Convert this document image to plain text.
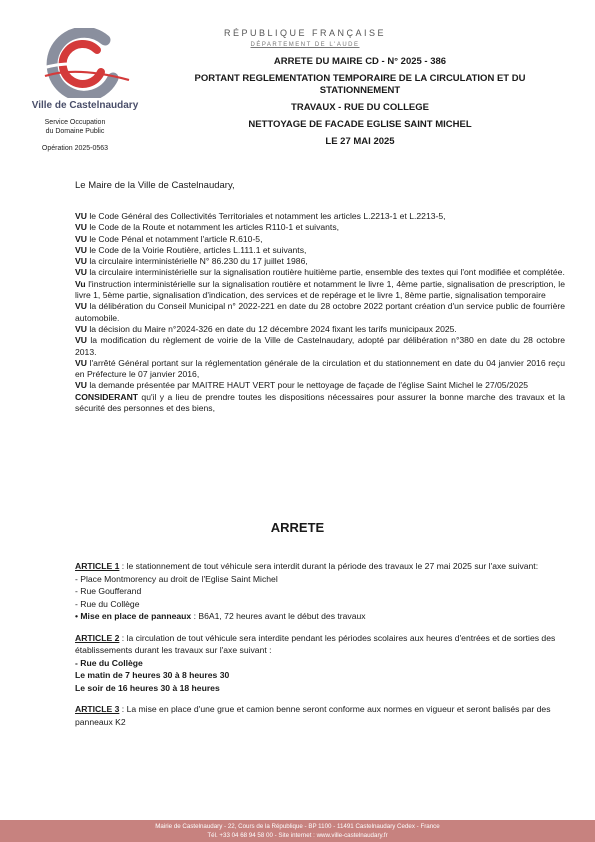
Ville de Castelnaudary
Service Occupation
du Domaine Public
Opération 2025-0563
RÉPUBLIQUE FRANÇAISE
DÉPARTEMENT DE L'AUDE
ARRETE DU MAIRE CD - N° 2025 - 386
PORTANT REGLEMENTATION TEMPORAIRE DE LA CIRCULATION ET DU STATIONNEMENT
TRAVAUX - RUE DU COLLEGE
NETTOYAGE DE FACADE EGLISE SAINT MICHEL
LE 27 MAI 2025
Le Maire de la Ville de Castelnaudary,

VU le Code Général des Collectivités Territoriales et notamment les articles L.2213-1 et L.2213-5,

VU le Code de la Route et notamment les articles R110-1 et suivants,

VU le Code Pénal et notamment l'article R.610-5,

VU le Code de la Voirie Routière, articles L.111.1 et suivants,

VU la circulaire interministérielle N° 86.230 du 17 juillet 1986,

VU la circulaire interministérielle sur la signalisation routière huitième partie, ensemble des textes qui l'ont modifiée et complétée.

Vu l'instruction interministérielle sur la signalisation routière et notamment le livre 1, 4ème partie, signalisation de prescription, le livre 1, 5ème partie, signalisation d'indication, des services et de repérage et le livre 1, 8ème partie, signalisation temporaire

VU la délibération du Conseil Municipal n° 2022-221 en date du 28 octobre 2022 portant création d'un service public de fourrière automobile.

VU la décision du Maire n°2024-326 en date du 12 décembre 2024 fixant les tarifs municipaux 2025.

VU la modification du règlement de voirie de la Ville de Castelnaudary, adopté par délibération n°380 en date du 28 octobre 2013.

VU l'arrêté Général portant sur la réglementation générale de la circulation et du stationnement en date du 04 janvier 2016 reçu en Préfecture le 07 janvier 2016,

VU la demande présentée par MAITRE HAUT VERT pour le nettoyage de façade de l'église Saint Michel le 27/05/2025

CONSIDERANT qu'il y a lieu de prendre toutes les dispositions nécessaires pour assurer la bonne marche des travaux et la sécurité des personnes et des biens,

ARRETE

ARTICLE 1 : le stationnement de tout véhicule sera interdit durant la période des travaux le 27 mai 2025 sur l'axe suivant:

- Place Montmorency au droit de l'Eglise Saint Michel

- Rue Goufferand

- Rue du Collège

• Mise en place de panneaux : B6A1, 72 heures avant le début des travaux

ARTICLE 2 : la circulation de tout véhicule sera interdite pendant les périodes scolaires aux heures d'entrées et de sorties des établissements durant les travaux sur l'axe suivant :

- Rue du Collège

Le matin de 7 heures 30 à 8 heures 30

Le soir de 16 heures 30 à 18 heures

ARTICLE 3 : La mise en place d'une grue et camion benne seront conforme aux normes en vigueur et seront balisés par des panneaux K2

Mairie de Castelnaudary - 22, Cours de la République - BP 1100 - 11491 Castelnaudary Cedex - France
Tél. +33 04 68 94 58 00 - Site internet : www.ville-castelnaudary.fr
